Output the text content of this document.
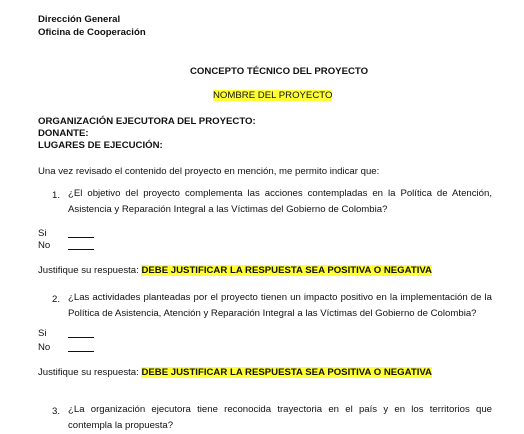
Dirección General
Oficina de Cooperación
CONCEPTO TÉCNICO DEL PROYECTO
NOMBRE DEL PROYECTO
ORGANIZACIÓN EJECUTORA DEL PROYECTO:
DONANTE:
LUGARES DE EJECUCIÓN:
Una vez revisado el contenido del proyecto en mención, me permito indicar que:
1. ¿El objetivo del proyecto complementa las acciones contempladas en la Política de Atención, Asistencia y Reparación Integral a las Víctimas del Gobierno de Colombia?
Si
No
Justifique su respuesta: DEBE JUSTIFICAR LA RESPUESTA SEA POSITIVA O NEGATIVA
2. ¿Las actividades planteadas por el proyecto tienen un impacto positivo en la implementación de la Política de Asistencia, Atención y Reparación Integral a las Víctimas del Gobierno de Colombia?
Si
No
Justifique su respuesta: DEBE JUSTIFICAR LA RESPUESTA SEA POSITIVA O NEGATIVA
3. ¿La organización ejecutora tiene reconocida trayectoria en el país y en los territorios que contempla la propuesta?
